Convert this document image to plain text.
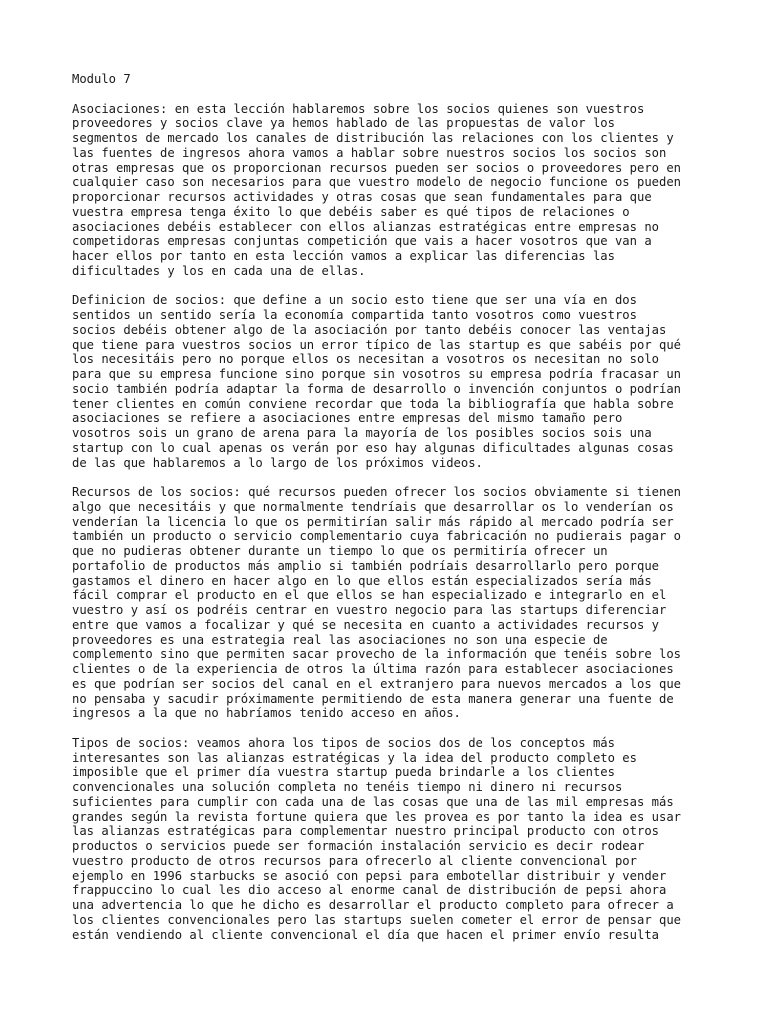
Modulo 7
Asociaciones: en esta lección hablaremos sobre los socios quienes son vuestros
proveedores y socios clave ya hemos hablado de las propuestas de valor los
segmentos de mercado los canales de distribución las relaciones con los clientes y
las fuentes de ingresos ahora vamos a hablar sobre nuestros socios los socios son
otras empresas que os proporcionan recursos pueden ser socios o proveedores pero en
cualquier caso son necesarios para que vuestro modelo de negocio funcione os pueden
proporcionar recursos actividades y otras cosas que sean fundamentales para que
vuestra empresa tenga éxito lo que debéis saber es qué tipos de relaciones o
asociaciones debéis establecer con ellos alianzas estratégicas entre empresas no
competidoras empresas conjuntas competición que vais a hacer vosotros que van a
hacer ellos por tanto en esta lección vamos a explicar las diferencias las
dificultades y los en cada una de ellas.
Definicion de socios: que define a un socio esto tiene que ser una vía en dos
sentidos un sentido sería la economía compartida tanto vosotros como vuestros
socios debéis obtener algo de la asociación por tanto debéis conocer las ventajas
que tiene para vuestros socios un error típico de las startup es que sabéis por qué
los necesitáis pero no porque ellos os necesitan a vosotros os necesitan no solo
para que su empresa funcione sino porque sin vosotros su empresa podría fracasar un
socio también podría adaptar la forma de desarrollo o invención conjuntos o podrían
tener clientes en común conviene recordar que toda la bibliografía que habla sobre
asociaciones se refiere a asociaciones entre empresas del mismo tamaño pero
vosotros sois un grano de arena para la mayoría de los posibles socios sois una
startup con lo cual apenas os verán por eso hay algunas dificultades algunas cosas
de las que hablaremos a lo largo de los próximos videos.
Recursos de los socios: qué recursos pueden ofrecer los socios obviamente si tienen
algo que necesitáis y que normalmente tendríais que desarrollar os lo venderían os
venderían la licencia lo que os permitirían salir más rápido al mercado podría ser
también un producto o servicio complementario cuya fabricación no pudierais pagar o
que no pudieras obtener durante un tiempo lo que os permitiría ofrecer un
portafolio de productos más amplio si también podríais desarrollarlo pero porque
gastamos el dinero en hacer algo en lo que ellos están especializados sería más
fácil comprar el producto en el que ellos se han especializado e integrarlo en el
vuestro y así os podréis centrar en vuestro negocio para las startups diferenciar
entre que vamos a focalizar y qué se necesita en cuanto a actividades recursos y
proveedores es una estrategia real las asociaciones no son una especie de
complemento sino que permiten sacar provecho de la información que tenéis sobre los
clientes o de la experiencia de otros la última razón para establecer asociaciones
es que podrían ser socios del canal en el extranjero para nuevos mercados a los que
no pensaba y sacudir próximamente permitiendo de esta manera generar una fuente de
ingresos a la que no habríamos tenido acceso en años.
Tipos de socios: veamos ahora los tipos de socios dos de los conceptos más
interesantes son las alianzas estratégicas y la idea del producto completo es
imposible que el primer día vuestra startup pueda brindarle a los clientes
convencionales una solución completa no tenéis tiempo ni dinero ni recursos
suficientes para cumplir con cada una de las cosas que una de las mil empresas más
grandes según la revista fortune quiera que les provea es por tanto la idea es usar
las alianzas estratégicas para complementar nuestro principal producto con otros
productos o servicios puede ser formación instalación servicio es decir rodear
vuestro producto de otros recursos para ofrecerlo al cliente convencional por
ejemplo en 1996 starbucks se asoció con pepsi para embotellar distribuir y vender
frappuccino lo cual les dio acceso al enorme canal de distribución de pepsi ahora
una advertencia lo que he dicho es desarrollar el producto completo para ofrecer a
los clientes convencionales pero las startups suelen cometer el error de pensar que
están vendiendo al cliente convencional el día que hacen el primer envío resulta
